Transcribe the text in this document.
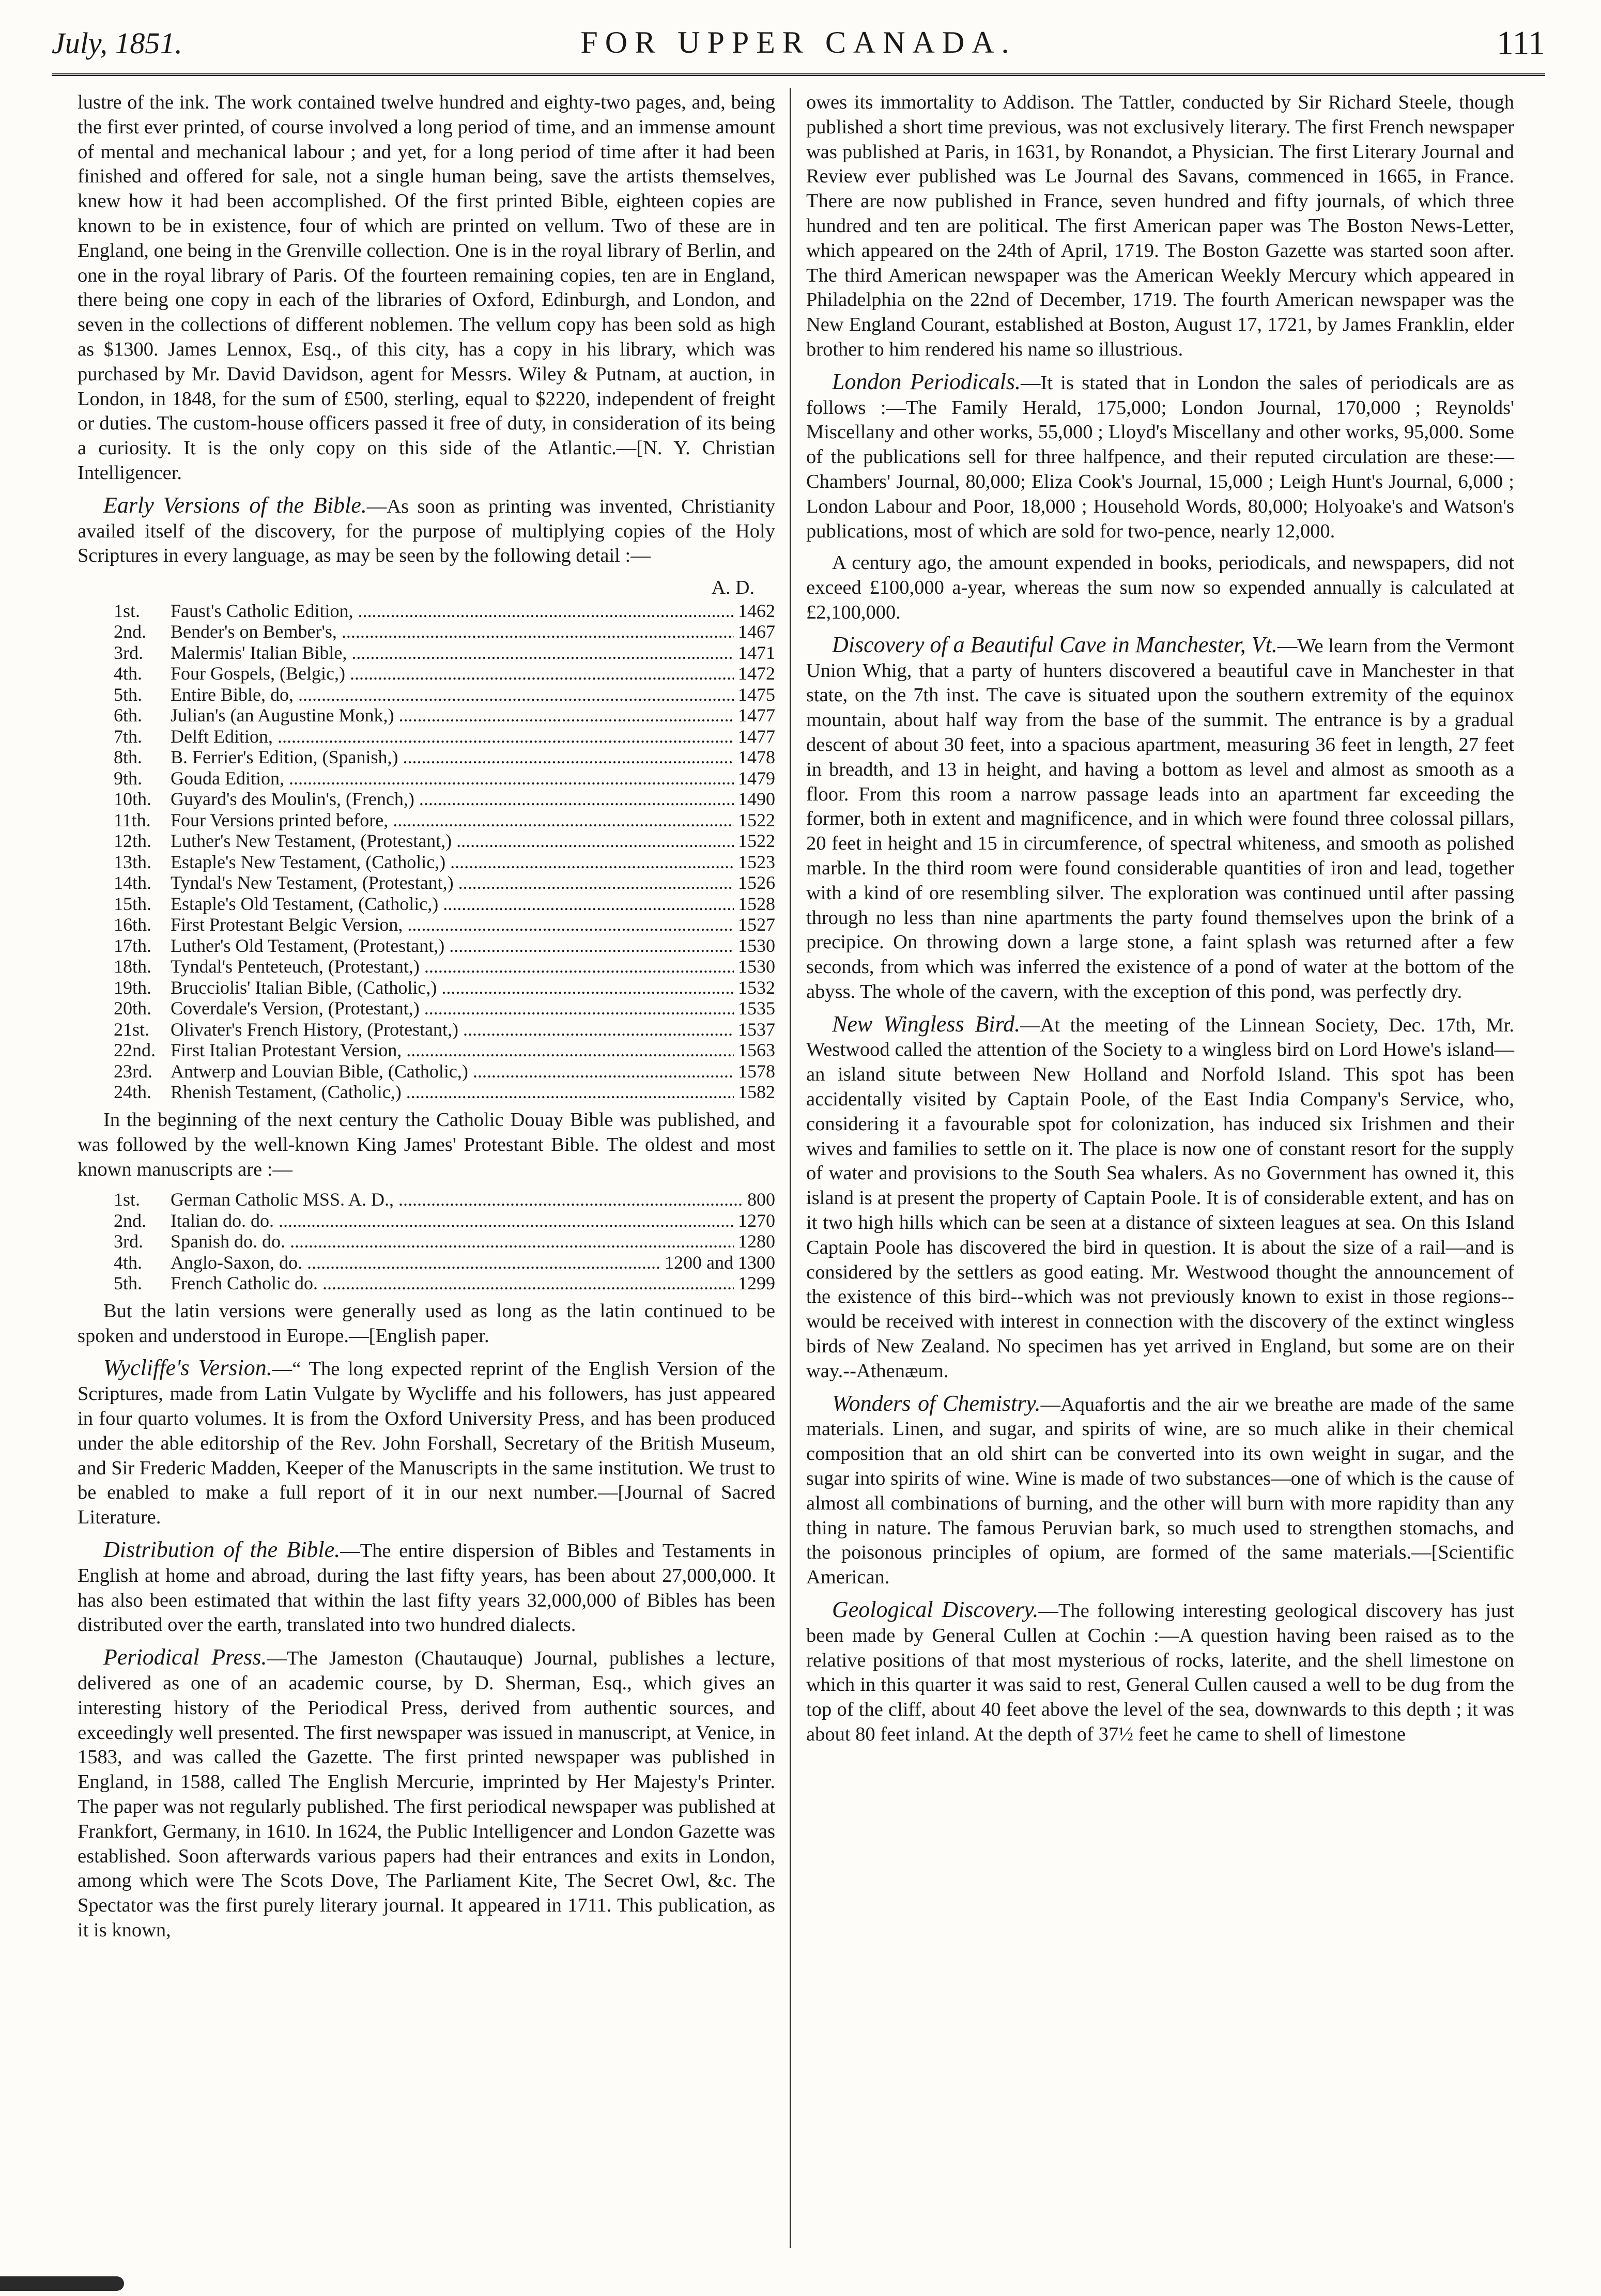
July, 1851.	FOR UPPER CANADA.	111

lustre of the ink. The work contained twelve hundred and eighty-two pages, and, being the first ever printed, of course involved a long period of time, and an immense amount of mental and mechanical labour ; and yet, for a long period of time after it had been finished and offered for sale, not a single human being, save the artists themselves, knew how it had been accomplished. Of the first printed Bible, eighteen copies are known to be in existence, four of which are printed on vellum. Two of these are in England, one being in the Grenville collection. One is in the royal library of Berlin, and one in the royal library of Paris. Of the fourteen remaining copies, ten are in England, there being one copy in each of the libraries of Oxford, Edinburgh, and London, and seven in the collections of different noblemen. The vellum copy has been sold as high as $1300. James Lennox, Esq., of this city, has a copy in his library, which was purchased by Mr. David Davidson, agent for Messrs. Wiley & Putnam, at auction, in London, in 1848, for the sum of £500, sterling, equal to $2220, independent of freight or duties. The custom-house officers passed it free of duty, in consideration of its being a curiosity. It is the only copy on this side of the Atlantic.—[N. Y. Christian Intelligencer.

Early Versions of the Bible.—As soon as printing was invented, Christianity availed itself of the discovery, for the purpose of multiplying copies of the Holy Scriptures in every language, as may be seen by the following detail :—

A. D.
1st.	Faust's Catholic Edition, .....	1462
2nd.	Bender's on Bember's, .....	1467
3rd.	Malermis' Italian Bible, .....	1471
4th.	Four Gospels, (Belgic,) .....	1472
5th.	Entire Bible, do, .....	1475
6th.	Julian's (an Augustine Monk,) .....	1477
7th.	Delft Edition, .....	1477
8th.	B. Ferrier's Edition, (Spanish,) .....	1478
9th.	Gouda Edition, .....	1479
10th.	Guyard's des Moulin's, (French,) .....	1490
11th.	Four Versions printed before, .....	1522
12th.	Luther's New Testament, (Protestant,) .....	1522
13th.	Estaple's New Testament, (Catholic,) .....	1523
14th.	Tyndal's New Testament, (Protestant,) .....	1526
15th.	Estaple's Old Testament, (Catholic,) .....	1528
16th.	First Protestant Belgic Version, .....	1527
17th.	Luther's Old Testament, (Protestant,) .....	1530
18th.	Tyndal's Penteteuch, (Protestant,) .....	1530
19th.	Brucciolis' Italian Bible, (Catholic,) .....	1532
20th.	Coverdale's Version, (Protestant,) .....	1535
21st.	Olivater's French History, (Protestant,) .....	1537
22nd. First Italian Protestant Version, .....	1563
23rd. Antwerp and Louvian Bible, (Catholic,) .....	1578
24th.	Rhenish Testament, (Catholic,) .....	1582

In the beginning of the next century the Catholic Douay Bible was published, and was followed by the well-known King James' Protestant Bible. The oldest and most known manuscripts are :—

1st.	German Catholic MSS. A. D., .....	800
2nd.	Italian do. do. .....	1270
3rd.	Spanish do. do. .....	1280
4th.	Anglo-Saxon, do. .....	1200 and 1300
5th.	French Catholic do. .....	1299

But the latin versions were generally used as long as the latin continued to be spoken and understood in Europe.—[English paper.

Wycliffe's Version.—“ The long expected reprint of the English Version of the Scriptures, made from Latin Vulgate by Wycliffe and his followers, has just appeared in four quarto volumes. It is from the Oxford University Press, and has been produced under the able editorship of the Rev. John Forshall, Secretary of the British Museum, and Sir Frederic Madden, Keeper of the Manuscripts in the same institution. We trust to be enabled to make a full report of it in our next number.—[Journal of Sacred Literature.

Distribution of the Bible.—The entire dispersion of Bibles and Testaments in English at home and abroad, during the last fifty years, has been about 27,000,000. It has also been estimated that within the last fifty years 32,000,000 of Bibles has been distributed over the earth, translated into two hundred dialects.

Periodical Press.—The Jameston (Chautauque) Journal, publishes a lecture, delivered as one of an academic course, by D. Sherman, Esq., which gives an interesting history of the Periodical Press, derived from authentic sources, and exceedingly well presented. The first newspaper was issued in manuscript, at Venice, in 1583, and was called the Gazette. The first printed newspaper was published in England, in 1588, called The English Mercurie, imprinted by Her Majesty's Printer. The paper was not regularly published. The first periodical newspaper was published at Frankfort, Germany, in 1610. In 1624, the Public Intelligencer and London Gazette was established. Soon afterwards various papers had their entrances and exits in London, among which were The Scots Dove, The Parliament Kite, The Secret Owl, &c. The Spectator was the first purely literary journal. It appeared in 1711. This publication, as it is known,

owes its immortality to Addison. The Tattler, conducted by Sir Richard Steele, though published a short time previous, was not exclusively literary. The first French newspaper was published at Paris, in 1631, by Ronandot, a Physician. The first Literary Journal and Review ever published was Le Journal des Savans, commenced in 1665, in France. There are now published in France, seven hundred and fifty journals, of which three hundred and ten are political. The first American paper was The Boston News-Letter, which appeared on the 24th of April, 1719. The Boston Gazette was started soon after. The third American newspaper was the American Weekly Mercury which appeared in Philadelphia on the 22nd of December, 1719. The fourth American newspaper was the New England Courant, established at Boston, August 17, 1721, by James Franklin, elder brother to him rendered his name so illustrious.

London Periodicals.—It is stated that in London the sales of periodicals are as follows :—The Family Herald, 175,000; London Journal, 170,000 ; Reynolds' Miscellany and other works, 55,000 ; Lloyd's Miscellany and other works, 95,000. Some of the publications sell for three halfpence, and their reputed circulation are these:—Chambers' Journal, 80,000; Eliza Cook's Journal, 15,000 ; Leigh Hunt's Journal, 6,000 ; London Labour and Poor, 18,000 ; Household Words, 80,000; Holyoake's and Watson's publications, most of which are sold for two-pence, nearly 12,000.

A century ago, the amount expended in books, periodicals, and newspapers, did not exceed £100,000 a-year, whereas the sum now so expended annually is calculated at £2,100,000.

Discovery of a Beautiful Cave in Manchester, Vt.—We learn from the Vermont Union Whig, that a party of hunters discovered a beautiful cave in Manchester in that state, on the 7th inst. The cave is situated upon the southern extremity of the equinox mountain, about half way from the base of the summit. The entrance is by a gradual descent of about 30 feet, into a spacious apartment, measuring 36 feet in length, 27 feet in breadth, and 13 in height, and having a bottom as level and almost as smooth as a floor. From this room a narrow passage leads into an apartment far exceeding the former, both in extent and magnificence, and in which were found three colossal pillars, 20 feet in height and 15 in circumference, of spectral whiteness, and smooth as polished marble. In the third room were found considerable quantities of iron and lead, together with a kind of ore resembling silver. The exploration was continued until after passing through no less than nine apartments the party found themselves upon the brink of a precipice. On throwing down a large stone, a faint splash was returned after a few seconds, from which was inferred the existence of a pond of water at the bottom of the abyss. The whole of the cavern, with the exception of this pond, was perfectly dry.

New Wingless Bird.—At the meeting of the Linnean Society, Dec. 17th, Mr. Westwood called the attention of the Society to a wingless bird on Lord Howe's island—an island situte between New Holland and Norfold Island. This spot has been accidentally visited by Captain Poole, of the East India Company's Service, who, considering it a favourable spot for colonization, has induced six Irishmen and their wives and families to settle on it. The place is now one of constant resort for the supply of water and provisions to the South Sea whalers. As no Government has owned it, this island is at present the property of Captain Poole. It is of considerable extent, and has on it two high hills which can be seen at a distance of sixteen leagues at sea. On this Island Captain Poole has discovered the bird in question. It is about the size of a rail—and is considered by the settlers as good eating. Mr. Westwood thought the announcement of the existence of this bird--which was not previously known to exist in those regions--would be received with interest in connection with the discovery of the extinct wingless birds of New Zealand. No specimen has yet arrived in England, but some are on their way.--Athenæum.

Wonders of Chemistry.—Aquafortis and the air we breathe are made of the same materials. Linen, and sugar, and spirits of wine, are so much alike in their chemical composition that an old shirt can be converted into its own weight in sugar, and the sugar into spirits of wine. Wine is made of two substances—one of which is the cause of almost all combinations of burning, and the other will burn with more rapidity than any thing in nature. The famous Peruvian bark, so much used to strengthen stomachs, and the poisonous principles of opium, are formed of the same materials.—[Scientific American.

Geological Discovery.—The following interesting geological discovery has just been made by General Cullen at Cochin :—A question having been raised as to the relative positions of that most mysterious of rocks, laterite, and the shell limestone on which in this quarter it was said to rest, General Cullen caused a well to be dug from the top of the cliff, about 40 feet above the level of the sea, downwards to this depth ; it was about 80 feet inland. At the depth of 37½ feet he came to shell of limestone
